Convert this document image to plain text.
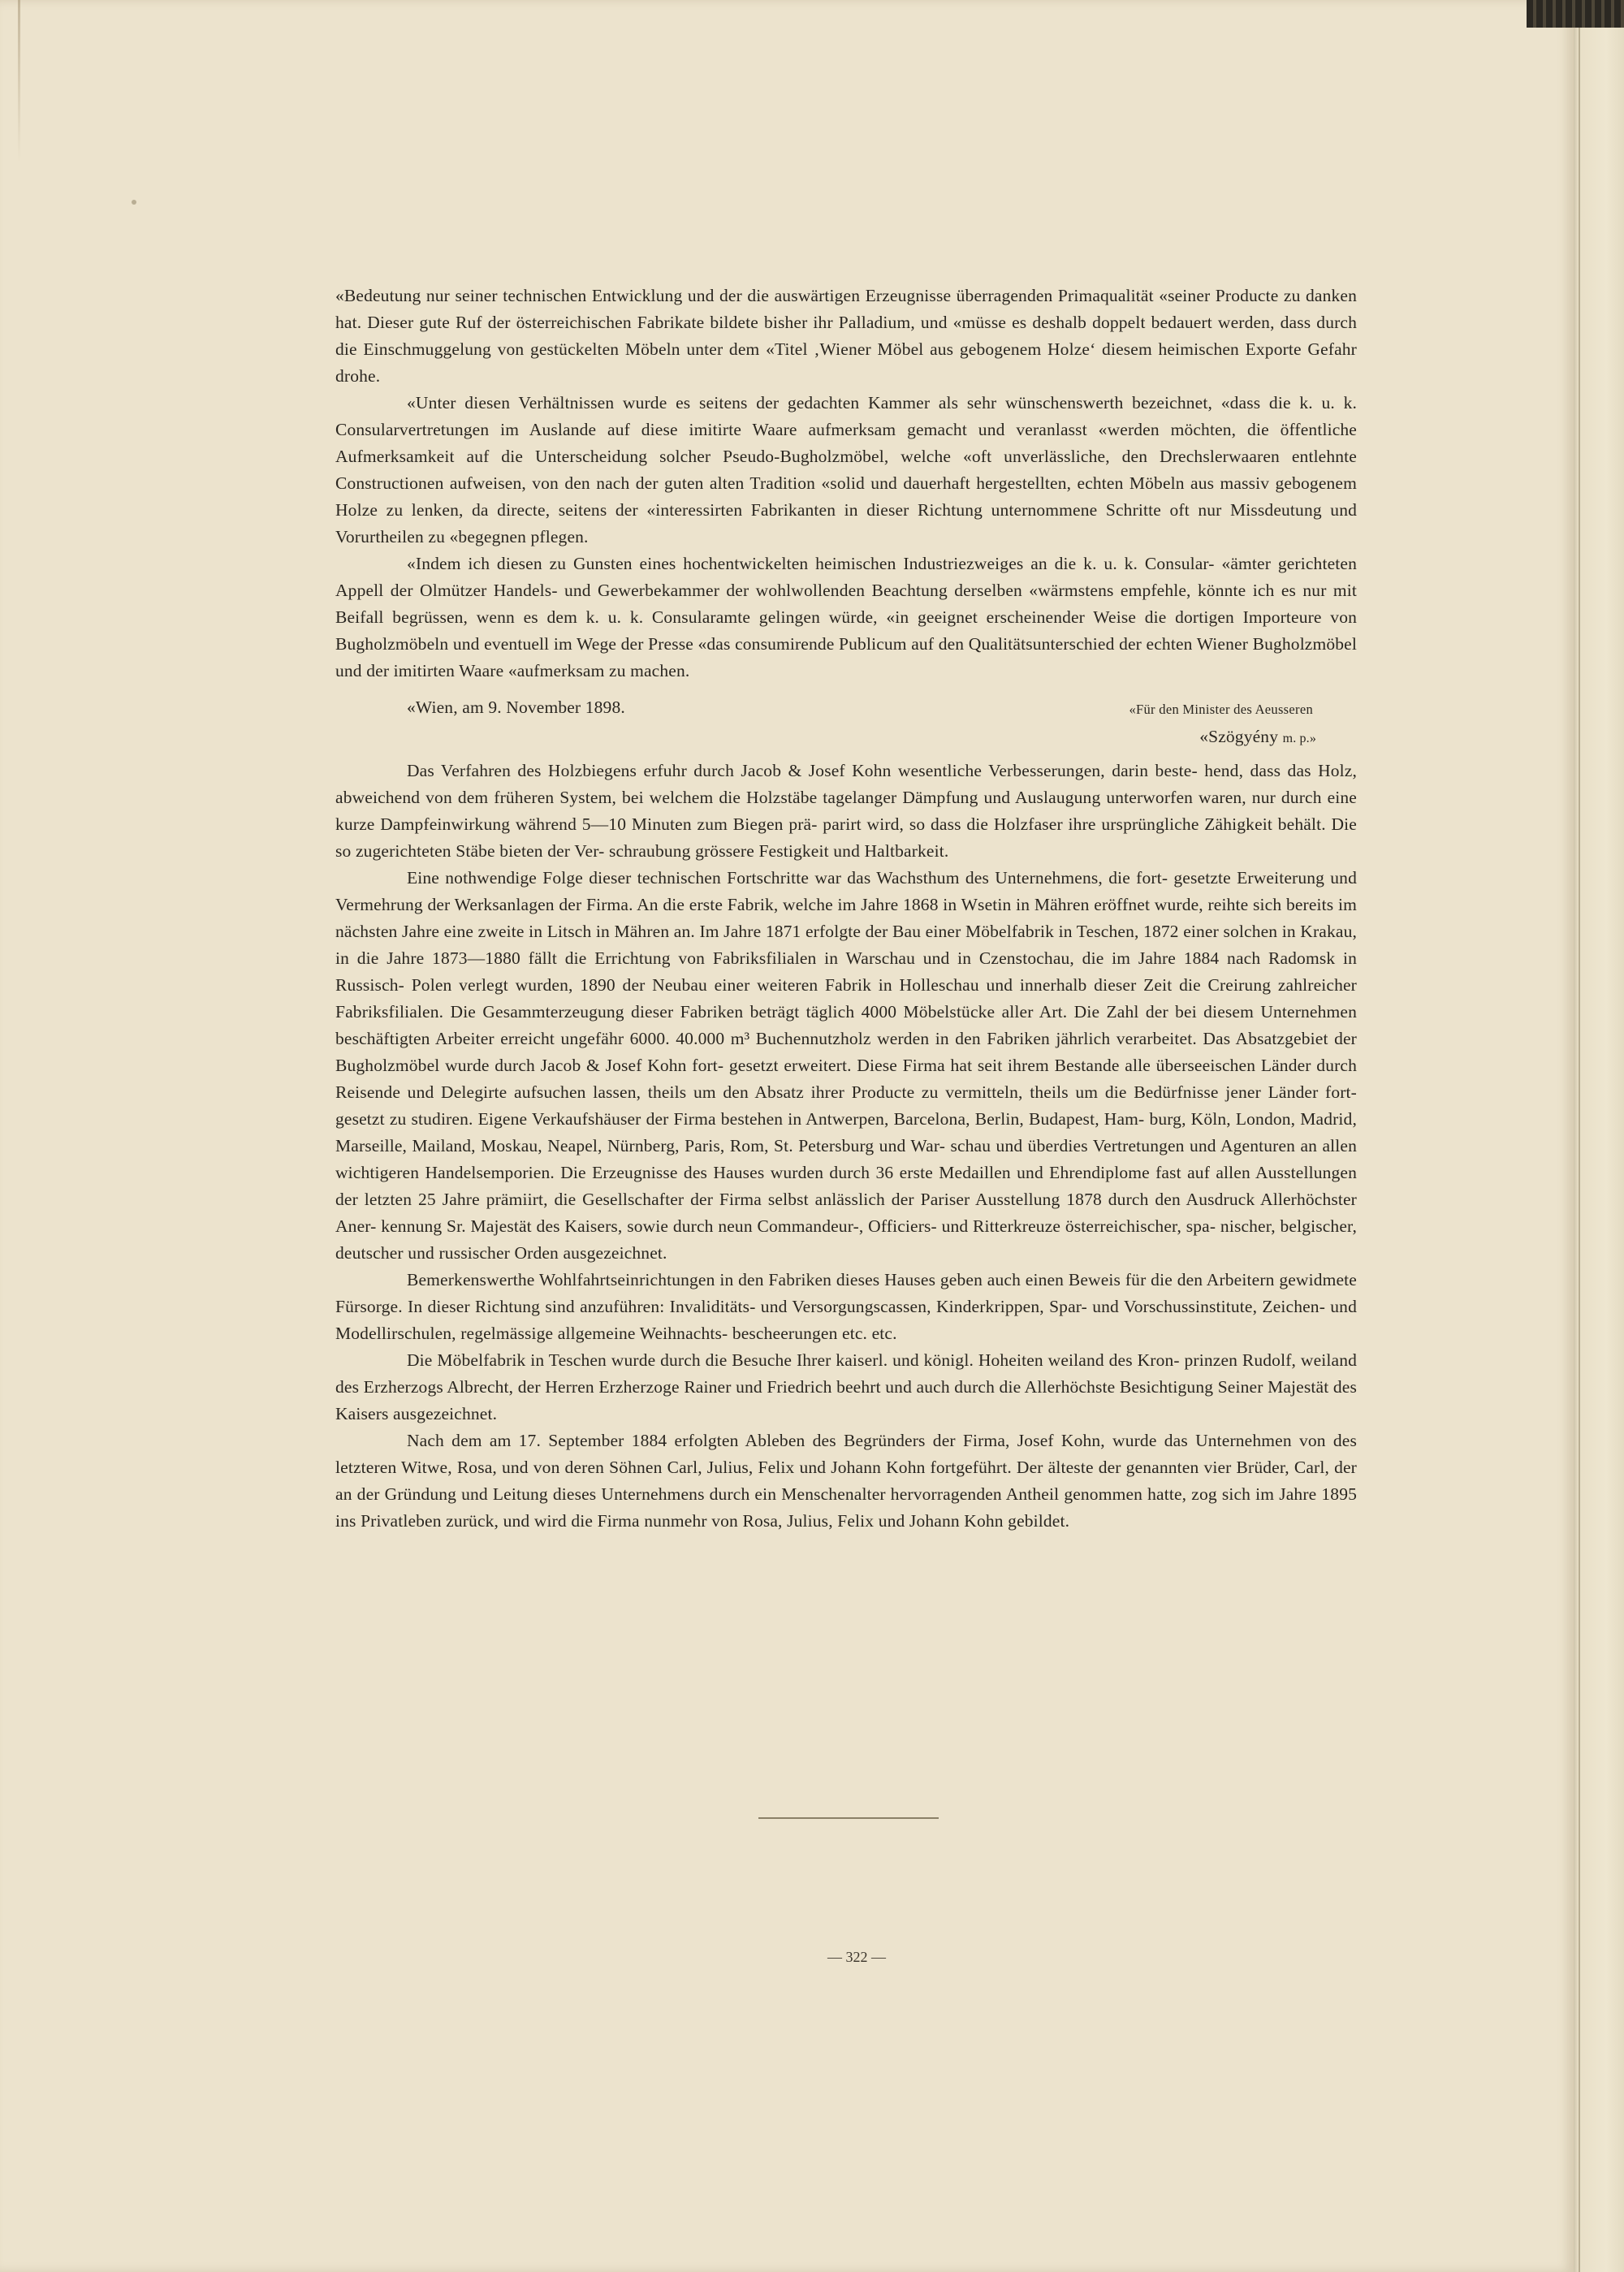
«Bedeutung nur seiner technischen Entwicklung und der die auswärtigen Erzeugnisse überragenden Primaqualität «seiner Producte zu danken hat. Dieser gute Ruf der österreichischen Fabrikate bildete bisher ihr Palladium, und «müsse es deshalb doppelt bedauert werden, dass durch die Einschmuggelung von gestückelten Möbeln unter dem «Titel ‚Wiener Möbel aus gebogenem Holze‘ diesem heimischen Exporte Gefahr drohe.

«Unter diesen Verhältnissen wurde es seitens der gedachten Kammer als sehr wünschenswerth bezeichnet, «dass die k. u. k. Consularvertretungen im Auslande auf diese imitirte Waare aufmerksam gemacht und veranlasst «werden möchten, die öffentliche Aufmerksamkeit auf die Unterscheidung solcher Pseudo-Bugholzmöbel, welche «oft unverlässliche, den Drechslerwaaren entlehnte Constructionen aufweisen, von den nach der guten alten Tradition «solid und dauerhaft hergestellten, echten Möbeln aus massiv gebogenem Holze zu lenken, da directe, seitens der «interessirten Fabrikanten in dieser Richtung unternommene Schritte oft nur Missdeutung und Vorurtheilen zu «begegnen pflegen.

«Indem ich diesen zu Gunsten eines hochentwickelten heimischen Industriezweiges an die k. u. k. Consular- «ämter gerichteten Appell der Olmützer Handels- und Gewerbekammer der wohlwollenden Beachtung derselben «wärmstens empfehle, könnte ich es nur mit Beifall begrüssen, wenn es dem k. u. k. Consularamte gelingen würde, «in geeignet erscheinender Weise die dortigen Importeure von Bugholzmöbeln und eventuell im Wege der Presse «das consumirende Publicum auf den Qualitätsunterschied der echten Wiener Bugholzmöbel und der imitirten Waare «aufmerksam zu machen.

«Wien, am 9. November 1898.	«Für den Minister des Aeusseren
«Szögyény m. p.»

Das Verfahren des Holzbiegens erfuhr durch Jacob & Josef Kohn wesentliche Verbesserungen, darin beste- hend, dass das Holz, abweichend von dem früheren System, bei welchem die Holzstäbe tagelanger Dämpfung und Auslaugung unterworfen waren, nur durch eine kurze Dampfeinwirkung während 5—10 Minuten zum Biegen prä- parirt wird, so dass die Holzfaser ihre ursprüngliche Zähigkeit behält. Die so zugerichteten Stäbe bieten der Ver- schraubung grössere Festigkeit und Haltbarkeit.

Eine nothwendige Folge dieser technischen Fortschritte war das Wachsthum des Unternehmens, die fort- gesetzte Erweiterung und Vermehrung der Werksanlagen der Firma. An die erste Fabrik, welche im Jahre 1868 in Wsetin in Mähren eröffnet wurde, reihte sich bereits im nächsten Jahre eine zweite in Litsch in Mähren an. Im Jahre 1871 erfolgte der Bau einer Möbelfabrik in Teschen, 1872 einer solchen in Krakau, in die Jahre 1873—1880 fällt die Errichtung von Fabriksfilialen in Warschau und in Czenstochau, die im Jahre 1884 nach Radomsk in Russisch- Polen verlegt wurden, 1890 der Neubau einer weiteren Fabrik in Holleschau und innerhalb dieser Zeit die Creirung zahlreicher Fabriksfilialen. Die Gesammterzeugung dieser Fabriken beträgt täglich 4000 Möbelstücke aller Art. Die Zahl der bei diesem Unternehmen beschäftigten Arbeiter erreicht ungefähr 6000. 40.000 m³ Buchennutzholz werden in den Fabriken jährlich verarbeitet. Das Absatzgebiet der Bugholzmöbel wurde durch Jacob & Josef Kohn fort- gesetzt erweitert. Diese Firma hat seit ihrem Bestande alle überseeischen Länder durch Reisende und Delegirte aufsuchen lassen, theils um den Absatz ihrer Producte zu vermitteln, theils um die Bedürfnisse jener Länder fort- gesetzt zu studiren. Eigene Verkaufshäuser der Firma bestehen in Antwerpen, Barcelona, Berlin, Budapest, Ham- burg, Köln, London, Madrid, Marseille, Mailand, Moskau, Neapel, Nürnberg, Paris, Rom, St. Petersburg und War- schau und überdies Vertretungen und Agenturen an allen wichtigeren Handelsemporien. Die Erzeugnisse des Hauses wurden durch 36 erste Medaillen und Ehrendiplome fast auf allen Ausstellungen der letzten 25 Jahre prämiirt, die Gesellschafter der Firma selbst anlässlich der Pariser Ausstellung 1878 durch den Ausdruck Allerhöchster Aner- kennung Sr. Majestät des Kaisers, sowie durch neun Commandeur-, Officiers- und Ritterkreuze österreichischer, spa- nischer, belgischer, deutscher und russischer Orden ausgezeichnet.

Bemerkenswerthe Wohlfahrtseinrichtungen in den Fabriken dieses Hauses geben auch einen Beweis für die den Arbeitern gewidmete Fürsorge. In dieser Richtung sind anzuführen: Invaliditäts- und Versorgungscassen, Kinderkrippen, Spar- und Vorschussinstitute, Zeichen- und Modellirschulen, regelmässige allgemeine Weihnachts- bescheerungen etc. etc.

Die Möbelfabrik in Teschen wurde durch die Besuche Ihrer kaiserl. und königl. Hoheiten weiland des Kron- prinzen Rudolf, weiland des Erzherzogs Albrecht, der Herren Erzherzoge Rainer und Friedrich beehrt und auch durch die Allerhöchste Besichtigung Seiner Majestät des Kaisers ausgezeichnet.

Nach dem am 17. September 1884 erfolgten Ableben des Begründers der Firma, Josef Kohn, wurde das Unternehmen von des letzteren Witwe, Rosa, und von deren Söhnen Carl, Julius, Felix und Johann Kohn fortgeführt. Der älteste der genannten vier Brüder, Carl, der an der Gründung und Leitung dieses Unternehmens durch ein Menschenalter hervorragenden Antheil genommen hatte, zog sich im Jahre 1895 ins Privatleben zurück, und wird die Firma nunmehr von Rosa, Julius, Felix und Johann Kohn gebildet.

— 322 —
